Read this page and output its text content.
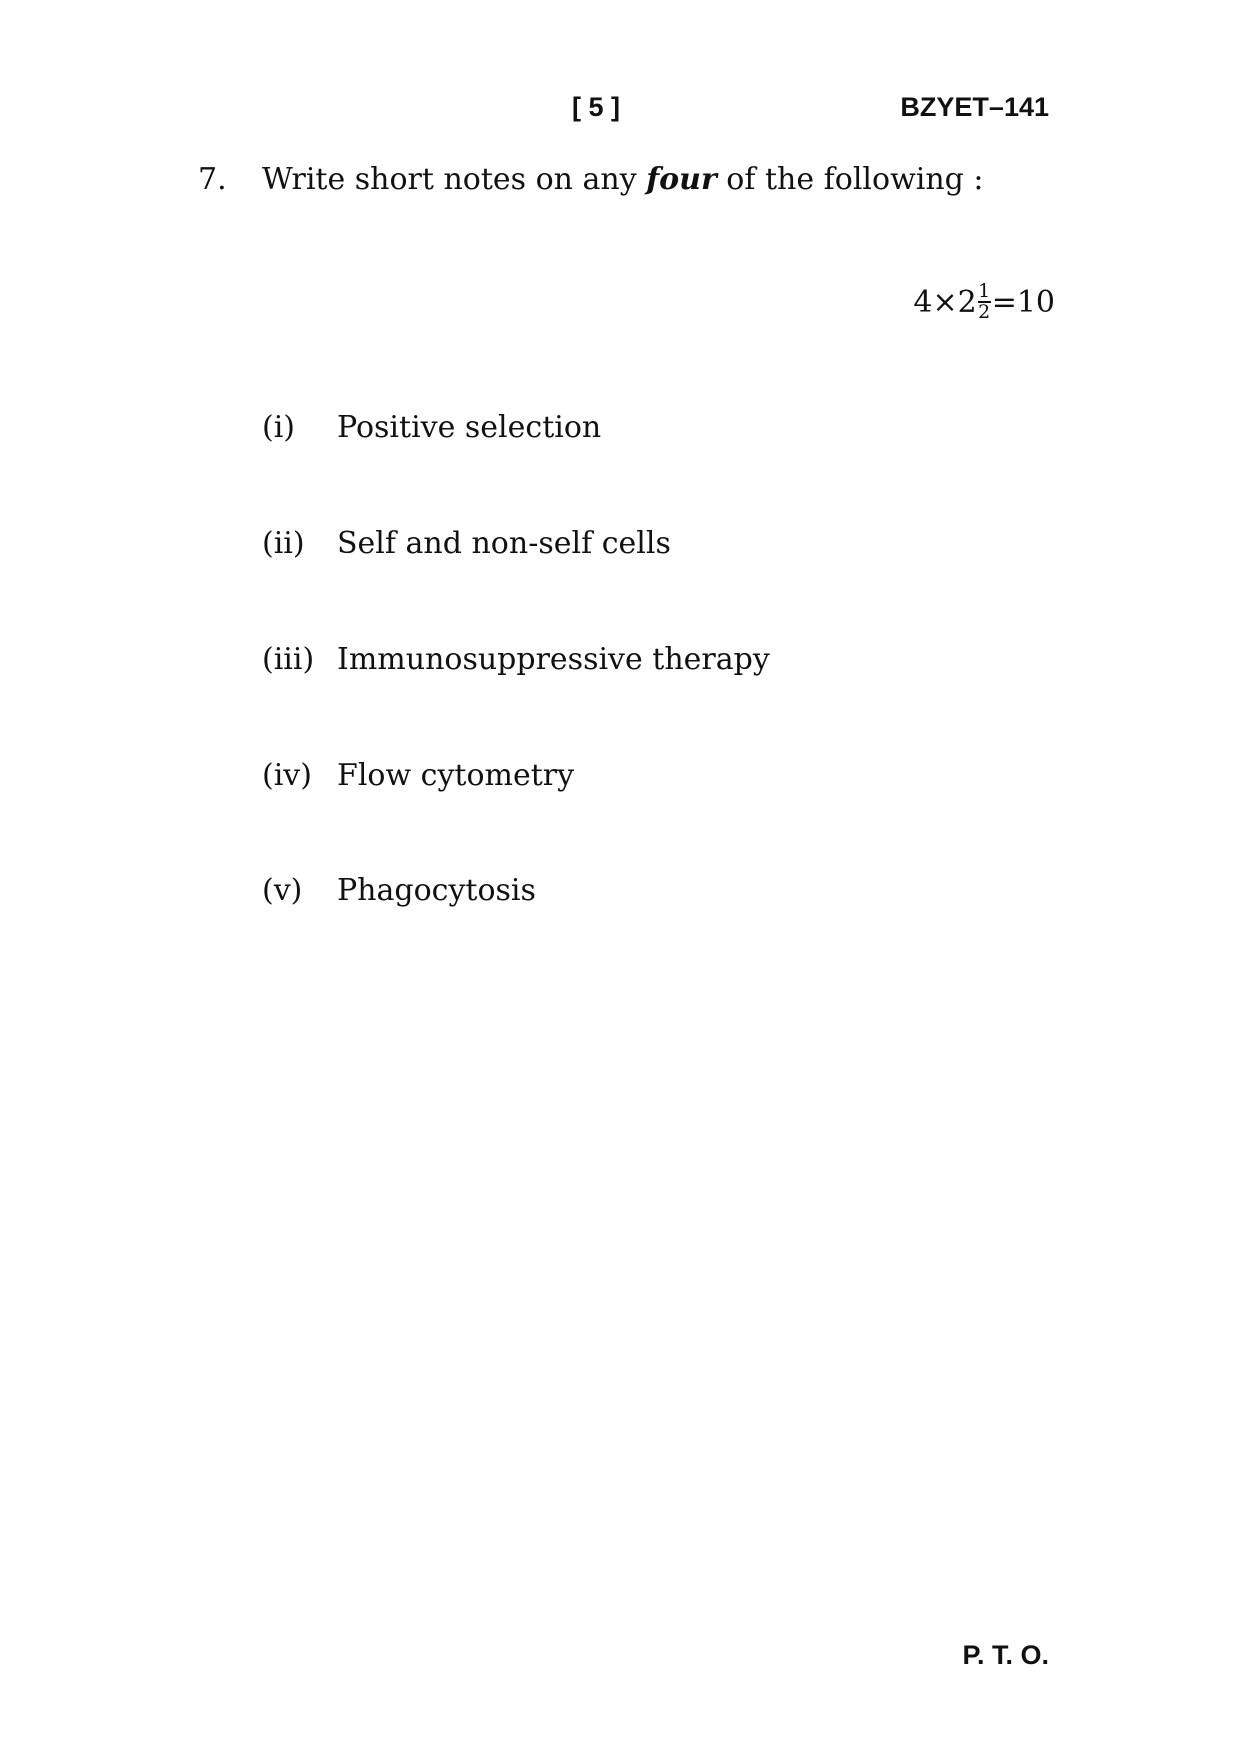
[ 5 ]	BZYET–141
7. Write short notes on any four of the following :
$4\times 2 \frac{1}{2} =10$
(i) Positive selection
(ii) Self and non-self cells
(iii) Immunosuppressive therapy
(iv) Flow cytometry
(v) Phagocytosis
P. T. O.
